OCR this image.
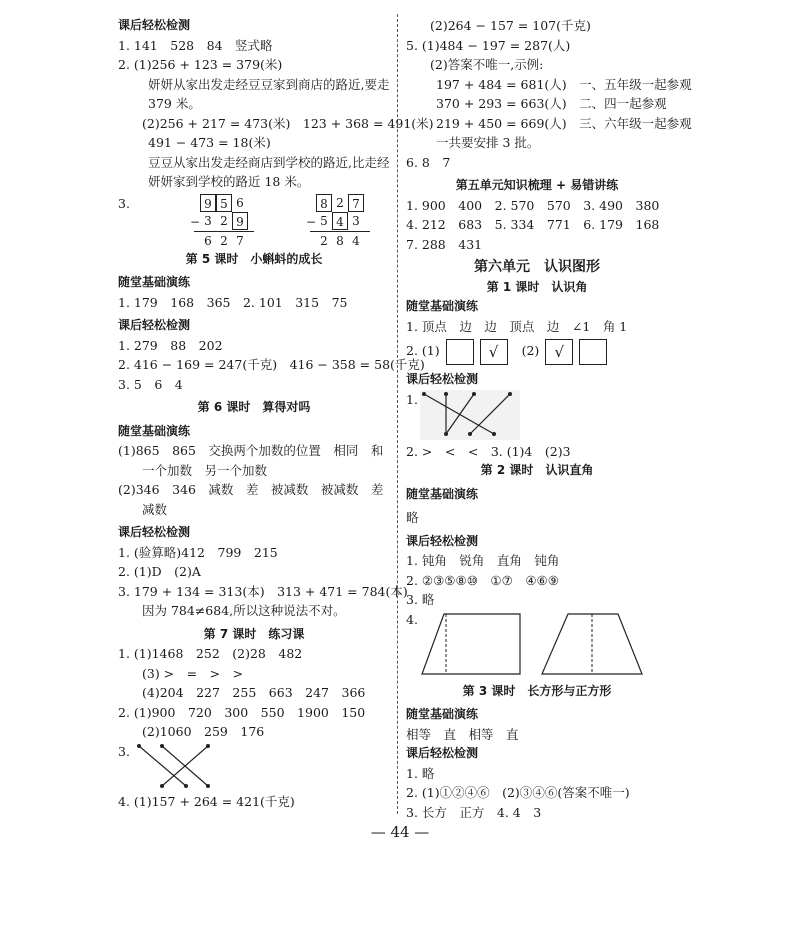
课后轻松检测
1. 141　528　84　竖式略
2. (1)256 + 123 = 379(米)
妍妍从家出发走经豆豆家到商店的路近,要走
379 米。
(2)256 + 217 = 473(米)　123 + 368 = 491(米)
491 − 473 = 18(米)
豆豆从家出发走经商店到学校的路近,比走经
妍妍家到学校的路近 18 米。
3.
−
9 5 6
3 2 9
6 2 7
−
8 2 7
5 4 3
2 8 4
第 5 课时　小蝌蚪的成长
随堂基础演练
1. 179　168　365　2. 101　315　75
课后轻松检测
1. 279　88　202
2. 416 − 169 = 247(千克)　416 − 358 = 58(千克)
3. 5　6　4
第 6 课时　算得对吗
随堂基础演练
(1)865　865　交换两个加数的位置　相同　和
一个加数　另一个加数
(2)346　346　减数　差　被减数　被减数　差
减数
课后轻松检测
1. (验算略)412　799　215
2. (1)D　(2)A
3. 179 + 134 = 313(本)　313 + 471 = 784(本)
因为 784≠684,所以这种说法不对。
第 7 课时　练习课
1. (1)1468　252　(2)28　482
(3) >　=　>　>
(4)204　227　255　663　247　366
2. (1)900　720　300　550　1900　150
(2)1060　259　176
3.
4. (1)157 + 264 = 421(千克)
(2)264 − 157 = 107(千克)
5. (1)484 − 197 = 287(人)
(2)答案不唯一,示例:
197 + 484 = 681(人)　一、五年级一起参观
370 + 293 = 663(人)　二、四一起参观
219 + 450 = 669(人)　三、六年级一起参观
一共要安排 3 批。
6. 8　7
第五单元知识梳理 + 易错讲练
1. 900　400　2. 570　570　3. 490　380
4. 212　683　5. 334　771　6. 179　168
7. 288　431
第六单元　认识图形
第 1 课时　认识角
随堂基础演练
1. 顶点　边　边　顶点　边　∠1　角 1
2. (1)	√ (2) √
课后轻松检测
1.
2. >　<　<　3. (1)4　(2)3
第 2 课时　认识直角
随堂基础演练
略
课后轻松检测
1. 钝角　锐角　直角　钝角
2. ②③⑤⑧⑩　①⑦　④⑥⑨
3. 略
4.
第 3 课时　长方形与正方形
随堂基础演练
相等　直　相等　直
课后轻松检测
1. 略
2. (1)①②④⑥　(2)③④⑥(答案不唯一)
3. 长方　正方　4. 4　3
— 44 —
